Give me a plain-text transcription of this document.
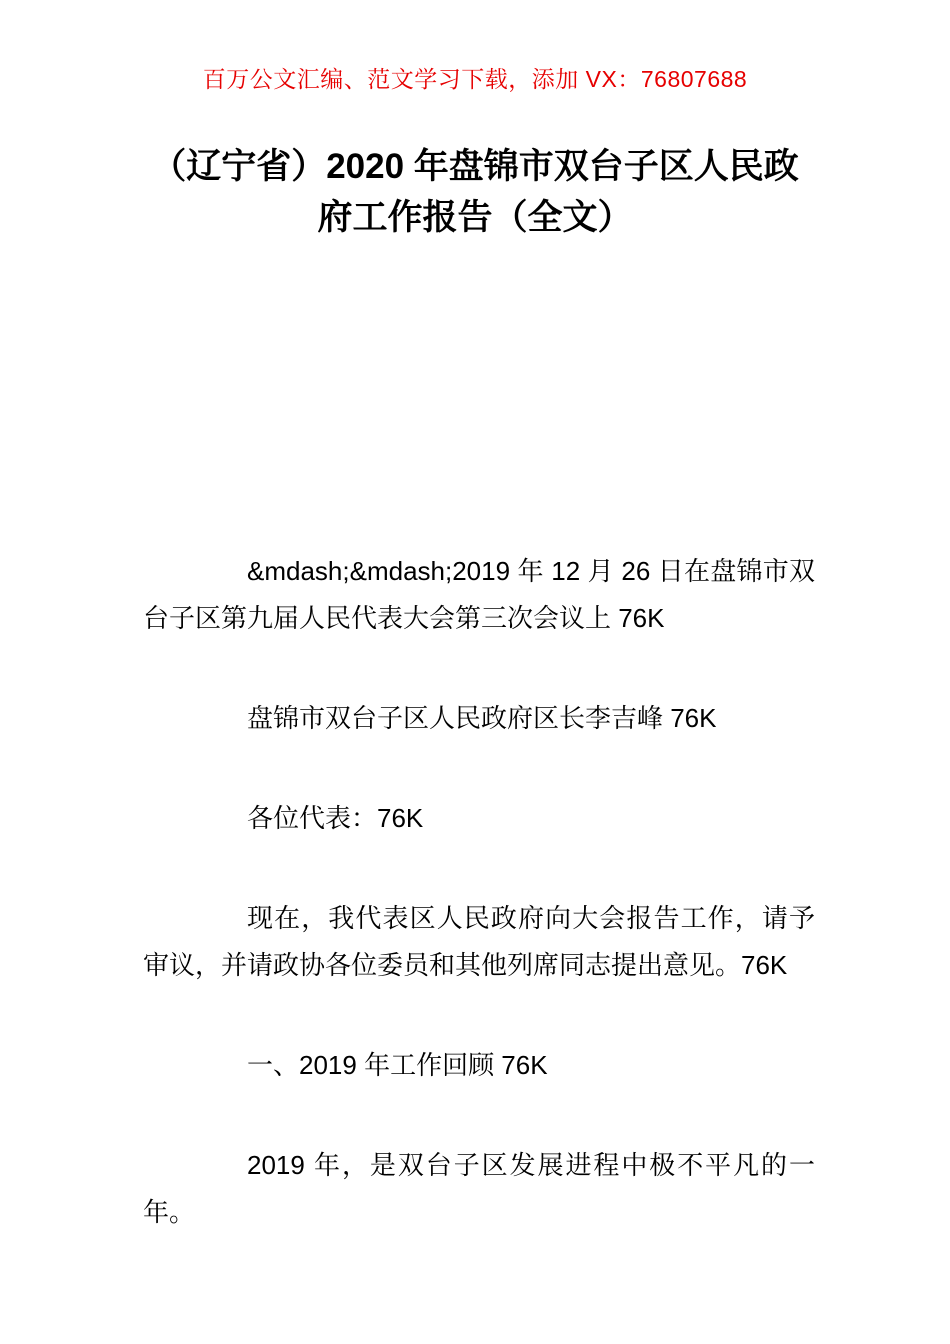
百万公文汇编、范文学习下载，添加 VX：76807688
（辽宁省）2020 年盘锦市双台子区人民政府工作报告（全文）

&mdash;&mdash;2019 年 12 月 26 日在盘锦市双台子区第九届人民代表大会第三次会议上 76K

盘锦市双台子区人民政府区长李吉峰 76K

各位代表：76K

现在，我代表区人民政府向大会报告工作，请予审议，并请政协各位委员和其他列席同志提出意见。76K

一、2019 年工作回顾 76K

2019 年，是双台子区发展进程中极不平凡的一年。
